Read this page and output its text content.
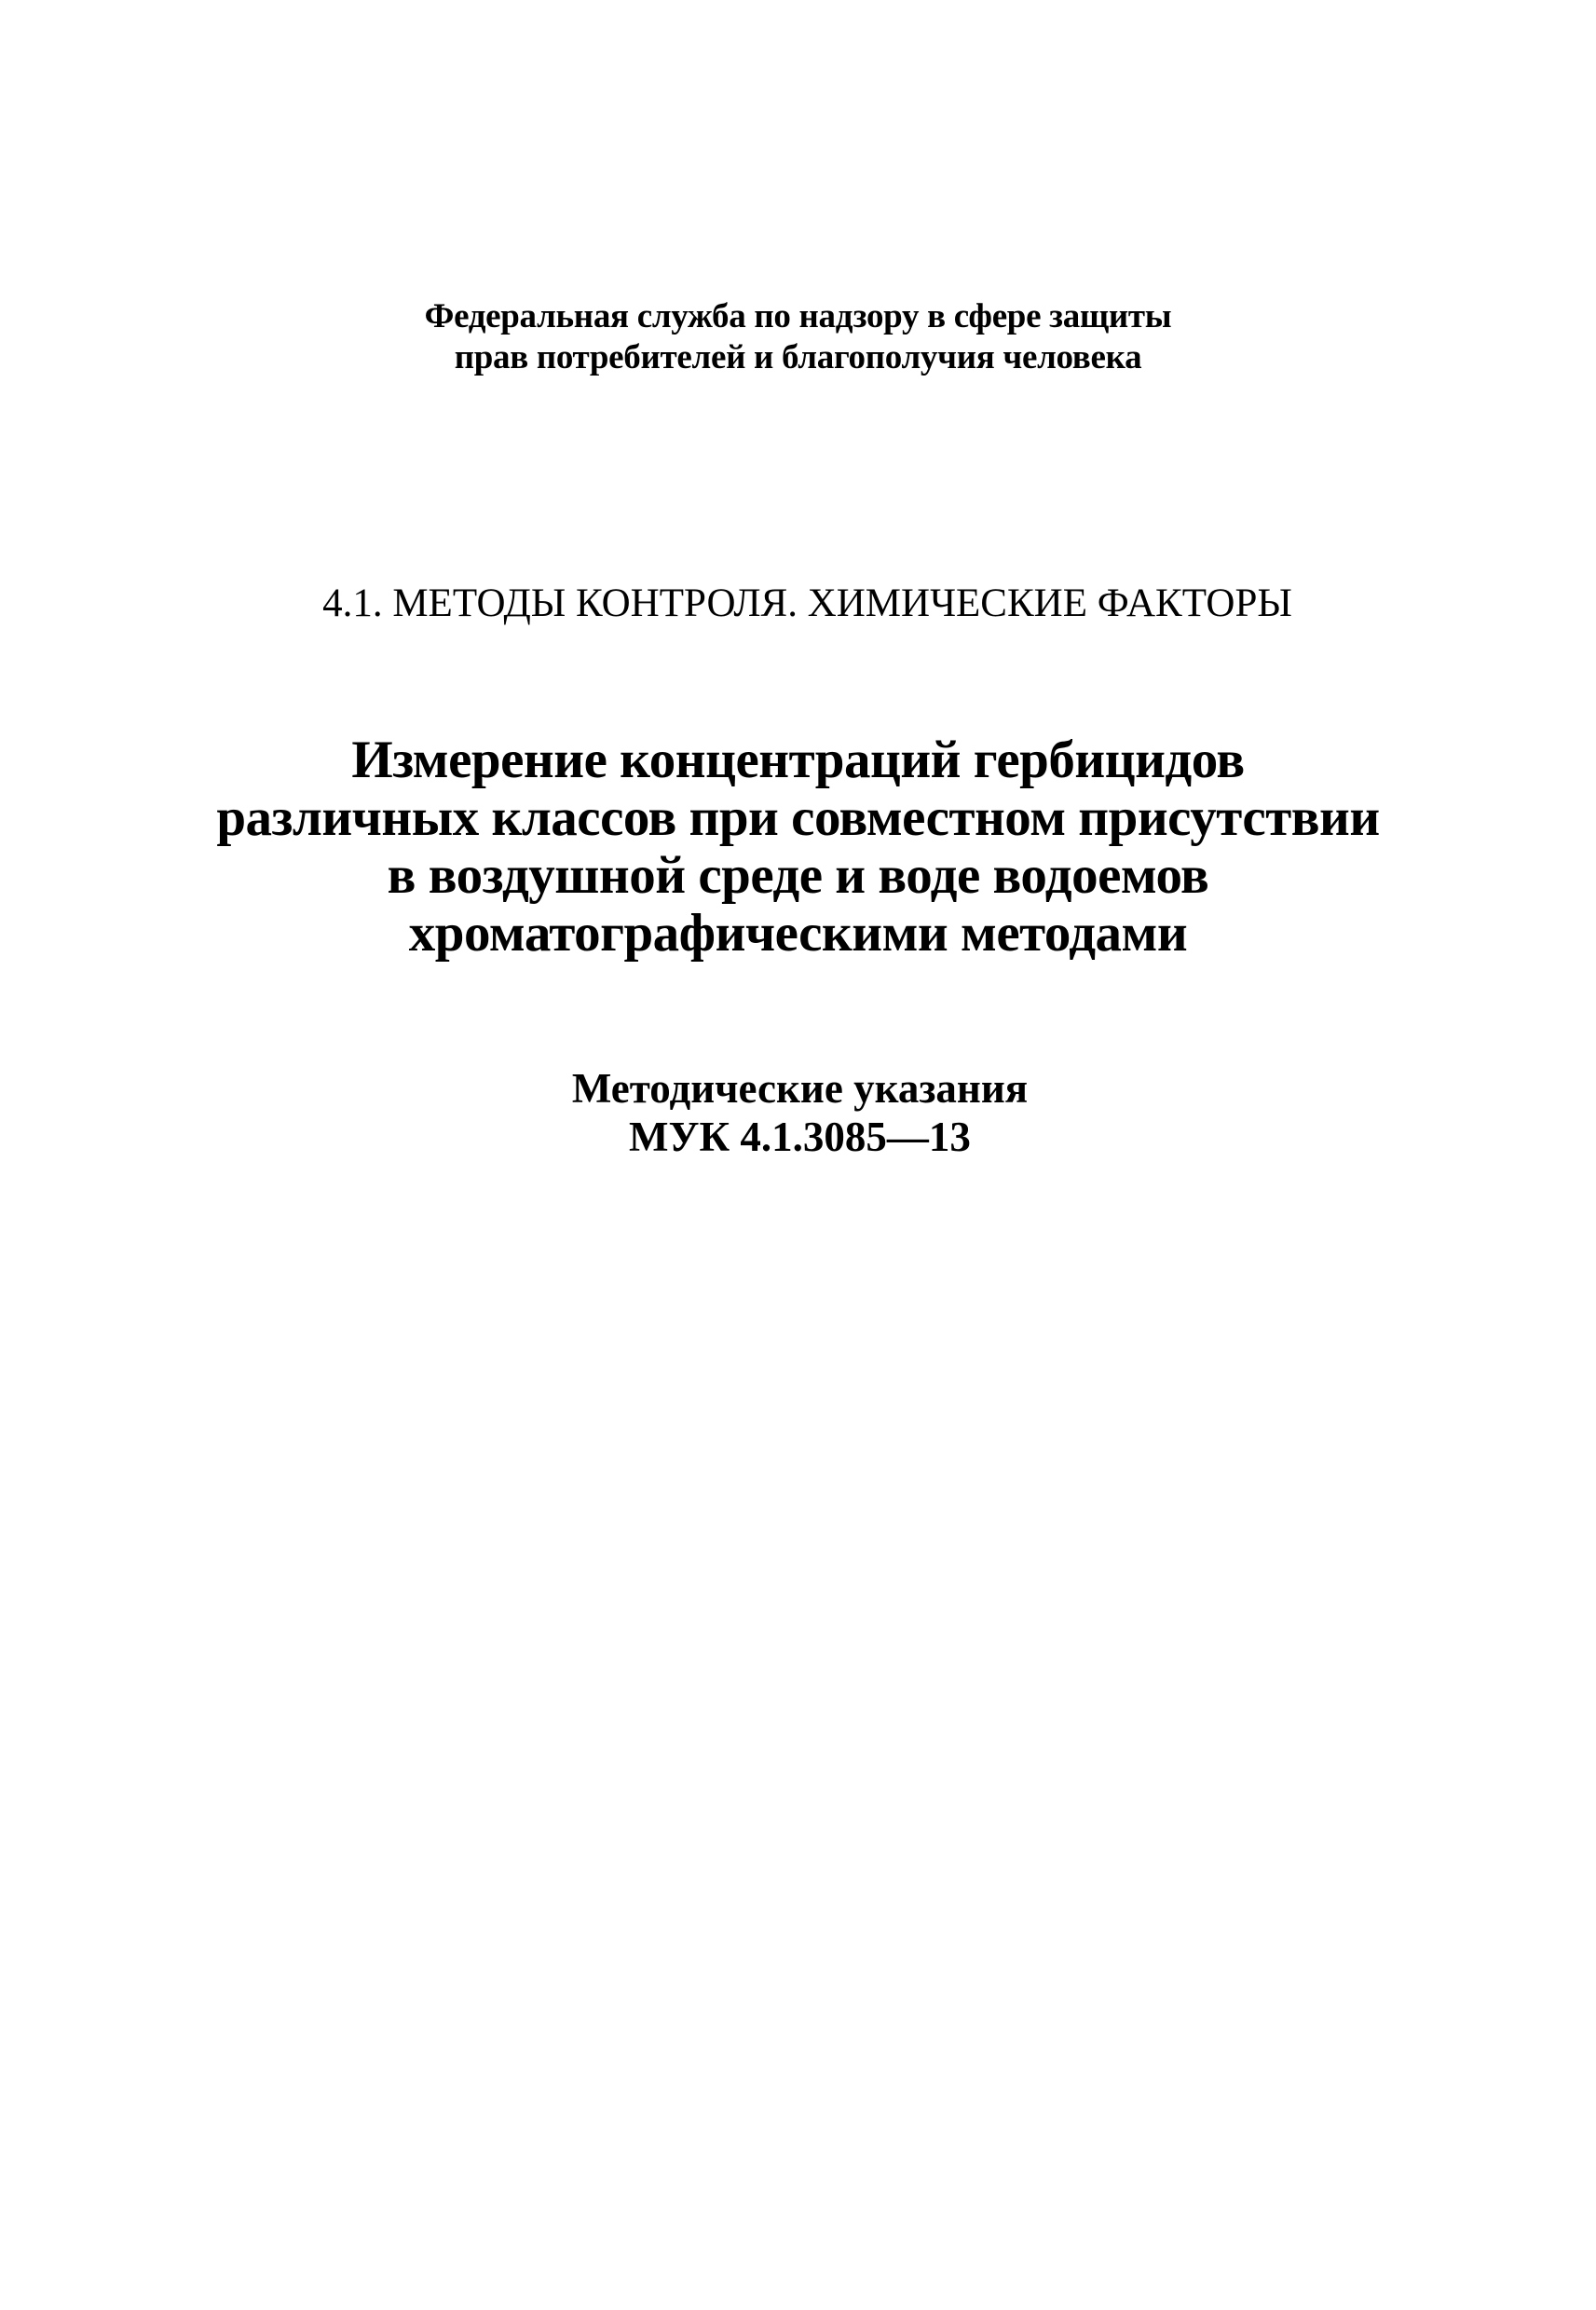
Федеральная служба по надзору в сфере защиты
прав потребителей и благополучия человека
4.1. МЕТОДЫ КОНТРОЛЯ. ХИМИЧЕСКИЕ ФАКТОРЫ
Измерение концентраций гербицидов
различных классов при совместном присутствии
в воздушной среде и воде водоемов
хроматографическими методами
Методические указания
МУК 4.1.3085—13
